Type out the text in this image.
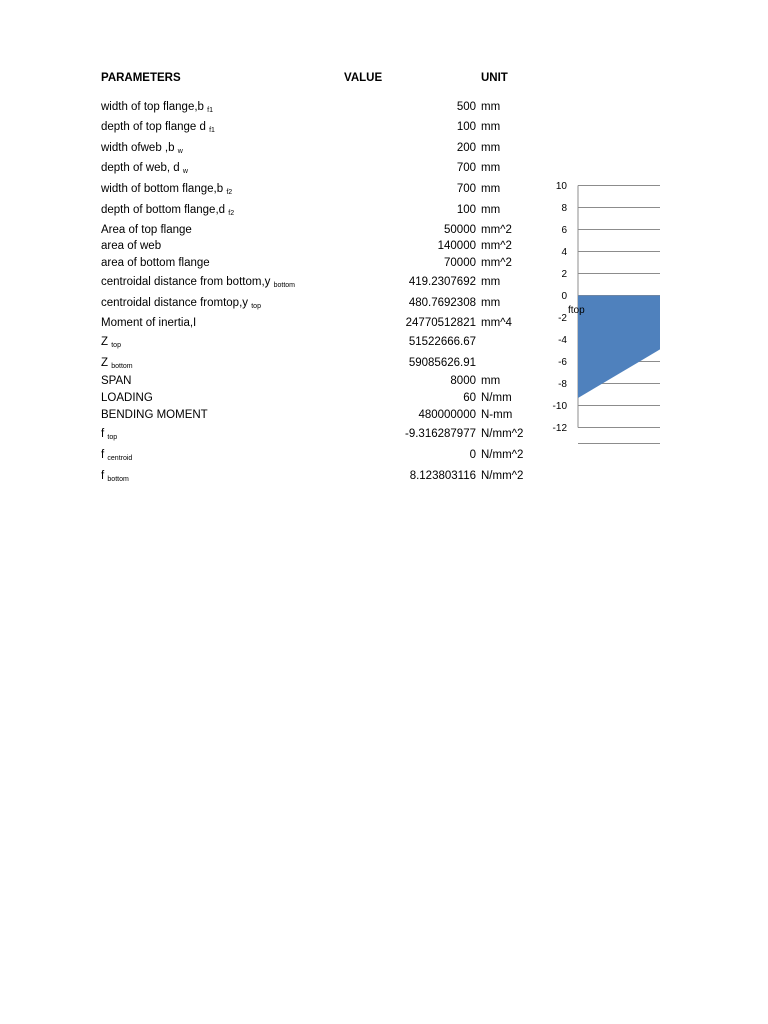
PARAMETERS	VALUE	UNIT
width of top flange,b $_{f1}$	500 mm
depth of top flange d $_{f1}$	100 mm
width ofweb ,b $_w$	200 mm
depth of web, d $_w$	700 mm
width of bottom flange,b $_{f2}$	700 mm
depth of bottom flange,d $_{f2}$	100 mm
Area of top flange	50000 mm^2
area of web	140000 mm^2
area of bottom flange	70000 mm^2
centroidal distance from bottom,y $_{bottom}$	419.2307692 mm
centroidal distance fromtop,y $_{top}$	480.7692308 mm
Moment of inertia,I	24770512821 mm^4
Z $_{top}$	51522666.67
Z $_{bottom}$	59085626.91
SPAN	8000 mm
LOADING	60 N/mm
BENDING MOMENT	480000000 N-mm
f $_{top}$	-9.316287977 N/mm^2
f $_{centroid}$	0 N/mm^2
f $_{bottom}$	8.123803116 N/mm^2
10
8
6
4
2
0
-2
-4
-6
-8
-10
-12
ftop
